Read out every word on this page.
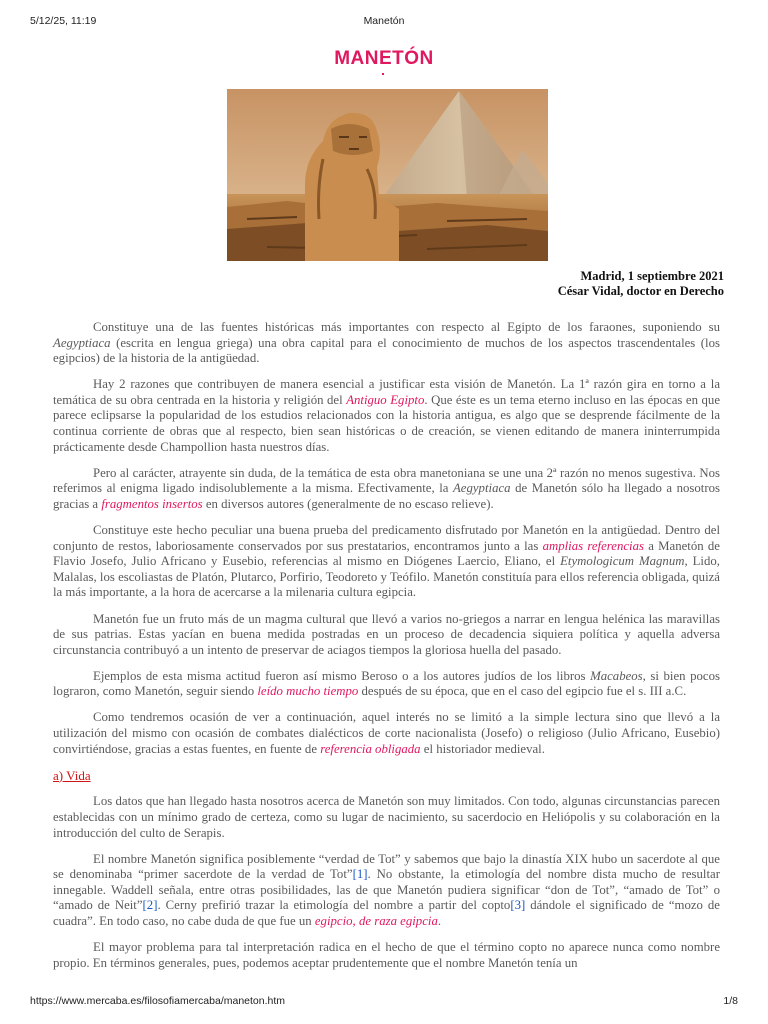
5/12/25, 11:19	Manetón
MANETÓN
Madrid, 1 septiembre 2021
César Vidal, doctor en Derecho

Constituye una de las fuentes históricas más importantes con respecto al Egipto de los faraones, suponiendo su Aegyptiaca (escrita en lengua griega) una obra capital para el conocimiento de muchos de los aspectos trascendentales (los egipcios) de la historia de la antigüedad.

Hay 2 razones que contribuyen de manera esencial a justificar esta visión de Manetón. La 1ª razón gira en torno a la temática de su obra centrada en la historia y religión del Antiguo Egipto. Que éste es un tema eterno incluso en las épocas en que parece eclipsarse la popularidad de los estudios relacionados con la historia antigua, es algo que se desprende fácilmente de la continua corriente de obras que al respecto, bien sean históricas o de creación, se vienen editando de manera ininterrumpida prácticamente desde Champollion hasta nuestros días.

Pero al carácter, atrayente sin duda, de la temática de esta obra manetoniana se une una 2ª razón no menos sugestiva. Nos referimos al enigma ligado indisolublemente a la misma. Efectivamente, la Aegyptiaca de Manetón sólo ha llegado a nosotros gracias a fragmentos insertos en diversos autores (generalmente de no escaso relieve).

Constituye este hecho peculiar una buena prueba del predicamento disfrutado por Manetón en la antigüedad. Dentro del conjunto de restos, laboriosamente conservados por sus prestatarios, encontramos junto a las amplias referencias a Manetón de Flavio Josefo, Julio Africano y Eusebio, referencias al mismo en Diógenes Laercio, Eliano, el Etymologicum Magnum, Lido, Malalas, los escoliastas de Platón, Plutarco, Porfirio, Teodoreto y Teófilo. Manetón constituía para ellos referencia obligada, quizá la más importante, a la hora de acercarse a la milenaria cultura egipcia.

Manetón fue un fruto más de un magma cultural que llevó a varios no-griegos a narrar en lengua helénica las maravillas de sus patrias. Estas yacían en buena medida postradas en un proceso de decadencia siquiera política y aquella adversa circunstancia contribuyó a un intento de preservar de aciagos tiempos la gloriosa huella del pasado.

Ejemplos de esta misma actitud fueron así mismo Beroso o a los autores judíos de los libros Macabeos, si bien pocos lograron, como Manetón, seguir siendo leído mucho tiempo después de su época, que en el caso del egipcio fue el s. III a.C.

Como tendremos ocasión de ver a continuación, aquel interés no se limitó a la simple lectura sino que llevó a la utilización del mismo con ocasión de combates dialécticos de corte nacionalista (Josefo) o religioso (Julio Africano, Eusebio) convirtiéndose, gracias a estas fuentes, en fuente de referencia obligada el historiador medieval.

a) Vida

Los datos que han llegado hasta nosotros acerca de Manetón son muy limitados. Con todo, algunas circunstancias parecen establecidas con un mínimo grado de certeza, como su lugar de nacimiento, su sacerdocio en Heliópolis y su colaboración en la introducción del culto de Serapis.

El nombre Manetón significa posiblemente “verdad de Tot” y sabemos que bajo la dinastía XIX hubo un sacerdote al que se denominaba “primer sacerdote de la verdad de Tot”[1]. No obstante, la etimología del nombre dista mucho de resultar innegable. Waddell señala, entre otras posibilidades, las de que Manetón pudiera significar “don de Tot”, “amado de Tot” o “amado de Neit”[2]. Cerny prefirió trazar la etimología del nombre a partir del copto[3] dándole el significado de “mozo de cuadra”. En todo caso, no cabe duda de que fue un egipcio, de raza egipcia.

El mayor problema para tal interpretación radica en el hecho de que el término copto no aparece nunca como nombre propio. En términos generales, pues, podemos aceptar prudentemente que el nombre Manetón tenía un

https://www.mercaba.es/filosofiamercaba/maneton.htm	1/8
